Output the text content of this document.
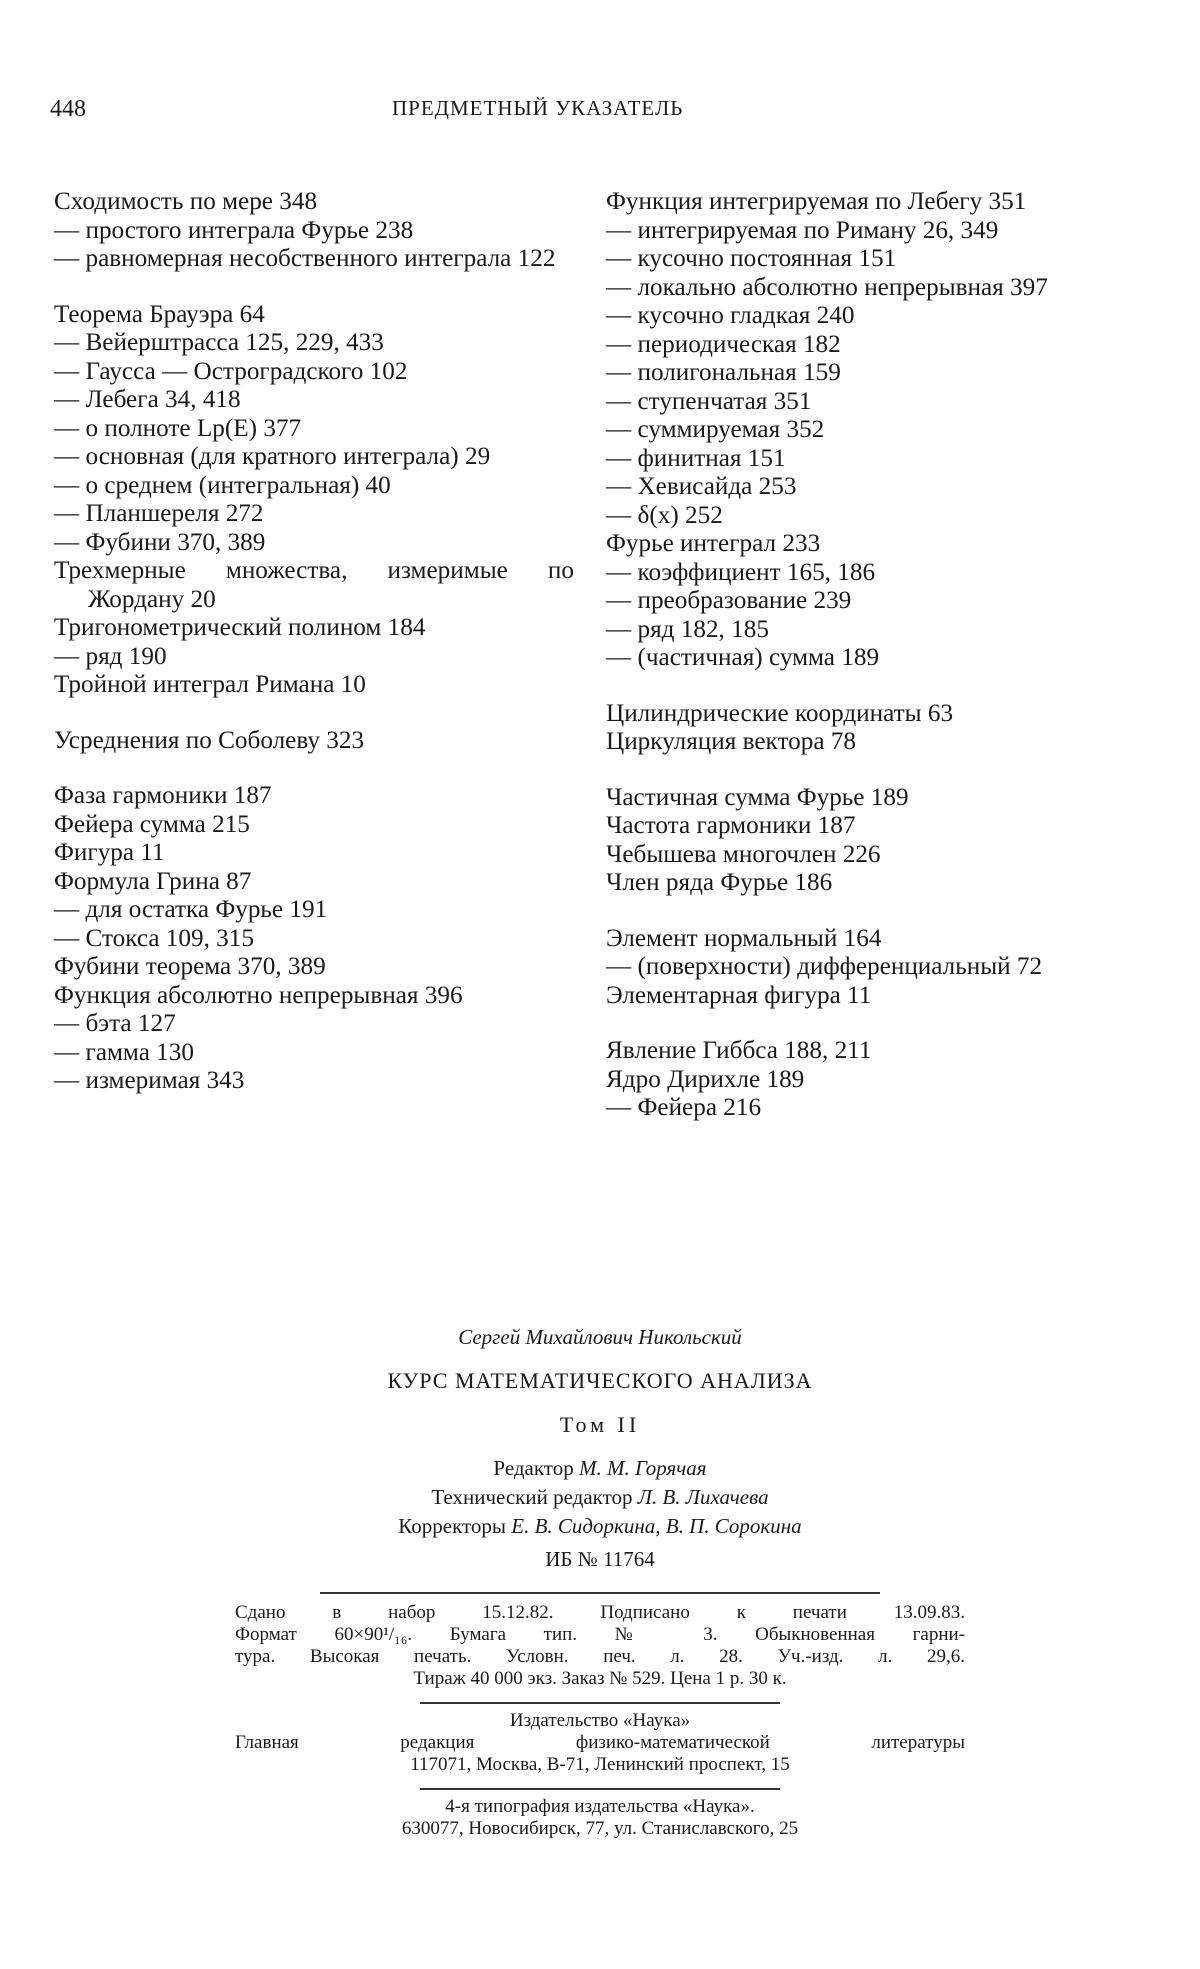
448	ПРЕДМЕТНЫЙ УКАЗАТЕЛЬ
Сходимость по мере 348
— простого интеграла Фурье 238
— равномерная несобственного интеграла 122
Теорема Брауэра 64
— Вейерштрасса 125, 229, 433
— Гаусса — Остроградского 102
— Лебега 34, 418
— о полноте Lp(E) 377
— основная (для кратного интеграла) 29
— о среднем (интегральная) 40
— Планшереля 272
— Фубини 370, 389
Трехмерные множества, измеримые по Жордану 20
Тригонометрический полином 184
— ряд 190
Тройной интеграл Римана 10
Усреднения по Соболеву 323
Фаза гармоники 187
Фейера сумма 215
Фигура 11
Формула Грина 87
— для остатка Фурье 191
— Стокса 109, 315
Фубини теорема 370, 389
Функция абсолютно непрерывная 396
— бэта 127
— гамма 130
— измеримая 343
Функция интегрируемая по Лебегу 351
— интегрируемая по Риману 26, 349
— кусочно постоянная 151
— локально абсолютно непрерывная 397
— кусочно гладкая 240
— периодическая 182
— полигональная 159
— ступенчатая 351
— суммируемая 352
— финитная 151
— Хевисайда 253
— δ(x) 252
Фурье интеграл 233
— коэффициент 165, 186
— преобразование 239
— ряд 182, 185
— (частичная) сумма 189
Цилиндрические координаты 63
Циркуляция вектора 78
Частичная сумма Фурье 189
Частота гармоники 187
Чебышева многочлен 226
Член ряда Фурье 186
Элемент нормальный 164
— (поверхности) дифференциальный 72
Элементарная фигура 11
Явление Гиббса 188, 211
Ядро Дирихле 189
— Фейера 216
Сергей Михайлович Никольский
КУРС МАТЕМАТИЧЕСКОГО АНАЛИЗА
Том II
Редактор М. М. Горячая
Технический редактор Л. В. Лихачева
Корректоры Е. В. Сидоркина, В. П. Сорокина
ИБ № 11764
Сдано в набор 15.12.82. Подписано к печати 13.09.83.
Формат 60×90¹/₁₆. Бумага тип. № 3. Обыкновенная гарни-
тура. Высокая печать. Условн. печ. л. 28. Уч.-изд. л. 29,6.
Тираж 40 000 экз. Заказ № 529. Цена 1 р. 30 к.
Издательство «Наука»
Главная редакция физико-математической литературы
117071, Москва, В-71, Ленинский проспект, 15
4-я типография издательства «Наука».
630077, Новосибирск, 77, ул. Станиславского, 25
